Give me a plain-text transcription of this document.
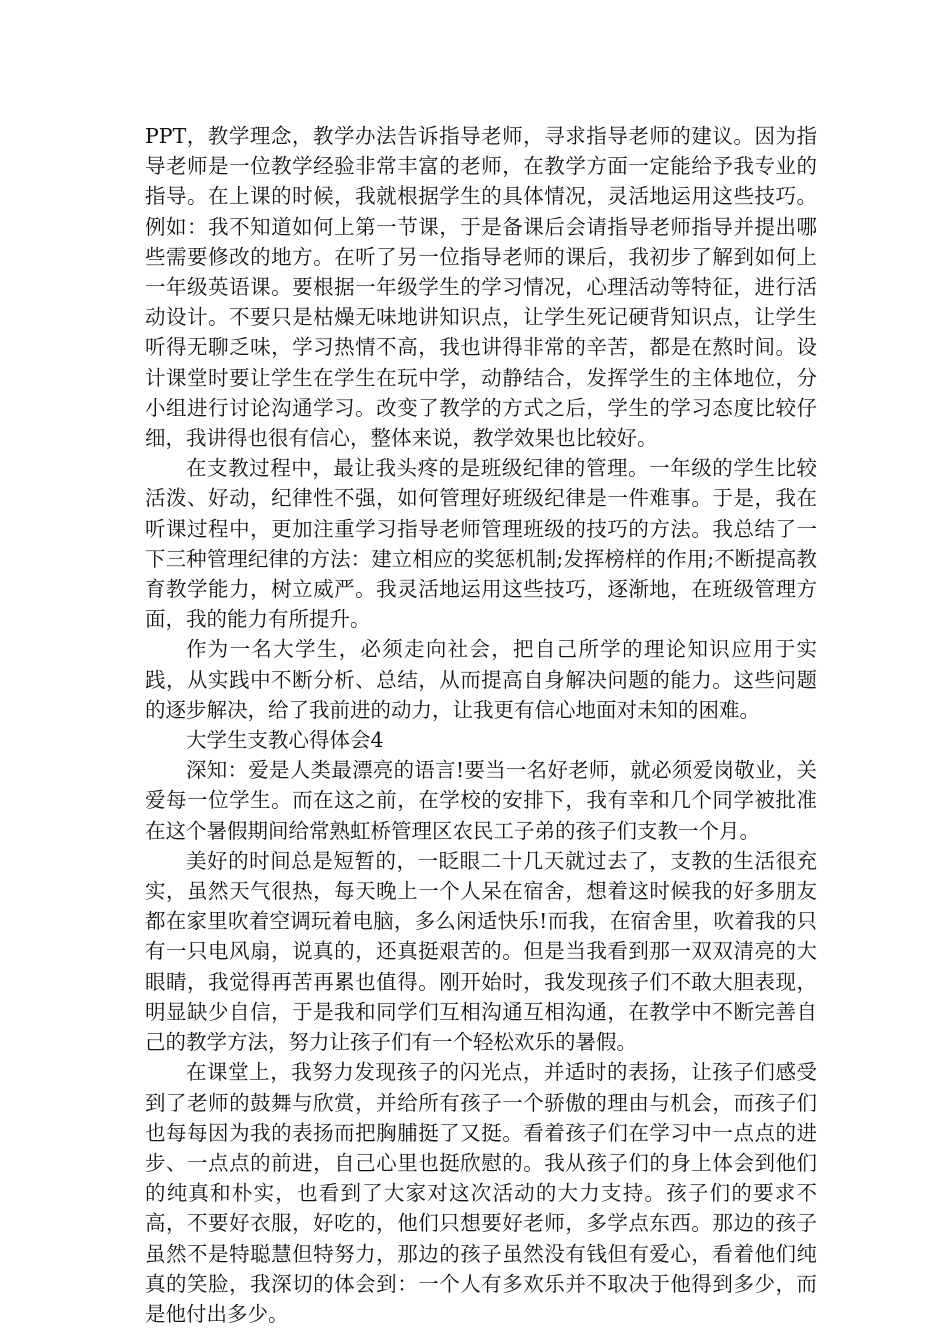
PPT，教学理念，教学办法告诉指导老师，寻求指导老师的建议。因为指导老师是一位教学经验非常丰富的老师，在教学方面一定能给予我专业的指导。在上课的时候，我就根据学生的具体情况，灵活地运用这些技巧。例如：我不知道如何上第一节课，于是备课后会请指导老师指导并提出哪些需要修改的地方。在听了另一位指导老师的课后，我初步了解到如何上一年级英语课。要根据一年级学生的学习情况，心理活动等特征，进行活动设计。不要只是枯燥无味地讲知识点，让学生死记硬背知识点，让学生听得无聊乏味，学习热情不高，我也讲得非常的辛苦，都是在熬时间。设计课堂时要让学生在学生在玩中学，动静结合，发挥学生的主体地位，分小组进行讨论沟通学习。改变了教学的方式之后，学生的学习态度比较仔细，我讲得也很有信心，整体来说，教学效果也比较好。

在支教过程中，最让我头疼的是班级纪律的管理。一年级的学生比较活泼、好动，纪律性不强，如何管理好班级纪律是一件难事。于是，我在听课过程中，更加注重学习指导老师管理班级的技巧的方法。我总结了一下三种管理纪律的方法：建立相应的奖惩机制;发挥榜样的作用;不断提高教育教学能力，树立威严。我灵活地运用这些技巧，逐渐地，在班级管理方面，我的能力有所提升。

作为一名大学生，必须走向社会，把自己所学的理论知识应用于实践，从实践中不断分析、总结，从而提高自身解决问题的能力。这些问题的逐步解决，给了我前进的动力，让我更有信心地面对未知的困难。

大学生支教心得体会4

深知：爱是人类最漂亮的语言!要当一名好老师，就必须爱岗敬业，关爱每一位学生。而在这之前，在学校的安排下，我有幸和几个同学被批准在这个暑假期间给常熟虹桥管理区农民工子弟的孩子们支教一个月。

美好的时间总是短暂的，一眨眼二十几天就过去了，支教的生活很充实，虽然天气很热，每天晚上一个人呆在宿舍，想着这时候我的好多朋友都在家里吹着空调玩着电脑，多么闲适快乐!而我，在宿舍里，吹着我的只有一只电风扇，说真的，还真挺艰苦的。但是当我看到那一双双清亮的大眼睛，我觉得再苦再累也值得。刚开始时，我发现孩子们不敢大胆表现，明显缺少自信，于是我和同学们互相沟通互相沟通，在教学中不断完善自己的教学方法，努力让孩子们有一个轻松欢乐的暑假。

在课堂上，我努力发现孩子的闪光点，并适时的表扬，让孩子们感受到了老师的鼓舞与欣赏，并给所有孩子一个骄傲的理由与机会，而孩子们也每每因为我的表扬而把胸脯挺了又挺。看着孩子们在学习中一点点的进步、一点点的前进，自己心里也挺欣慰的。我从孩子们的身上体会到他们的纯真和朴实，也看到了大家对这次活动的大力支持。孩子们的要求不高，不要好衣服，好吃的，他们只想要好老师，多学点东西。那边的孩子虽然不是特聪慧但特努力，那边的孩子虽然没有钱但有爱心，看着他们纯真的笑脸，我深切的体会到：一个人有多欢乐并不取决于他得到多少，而是他付出多少。
